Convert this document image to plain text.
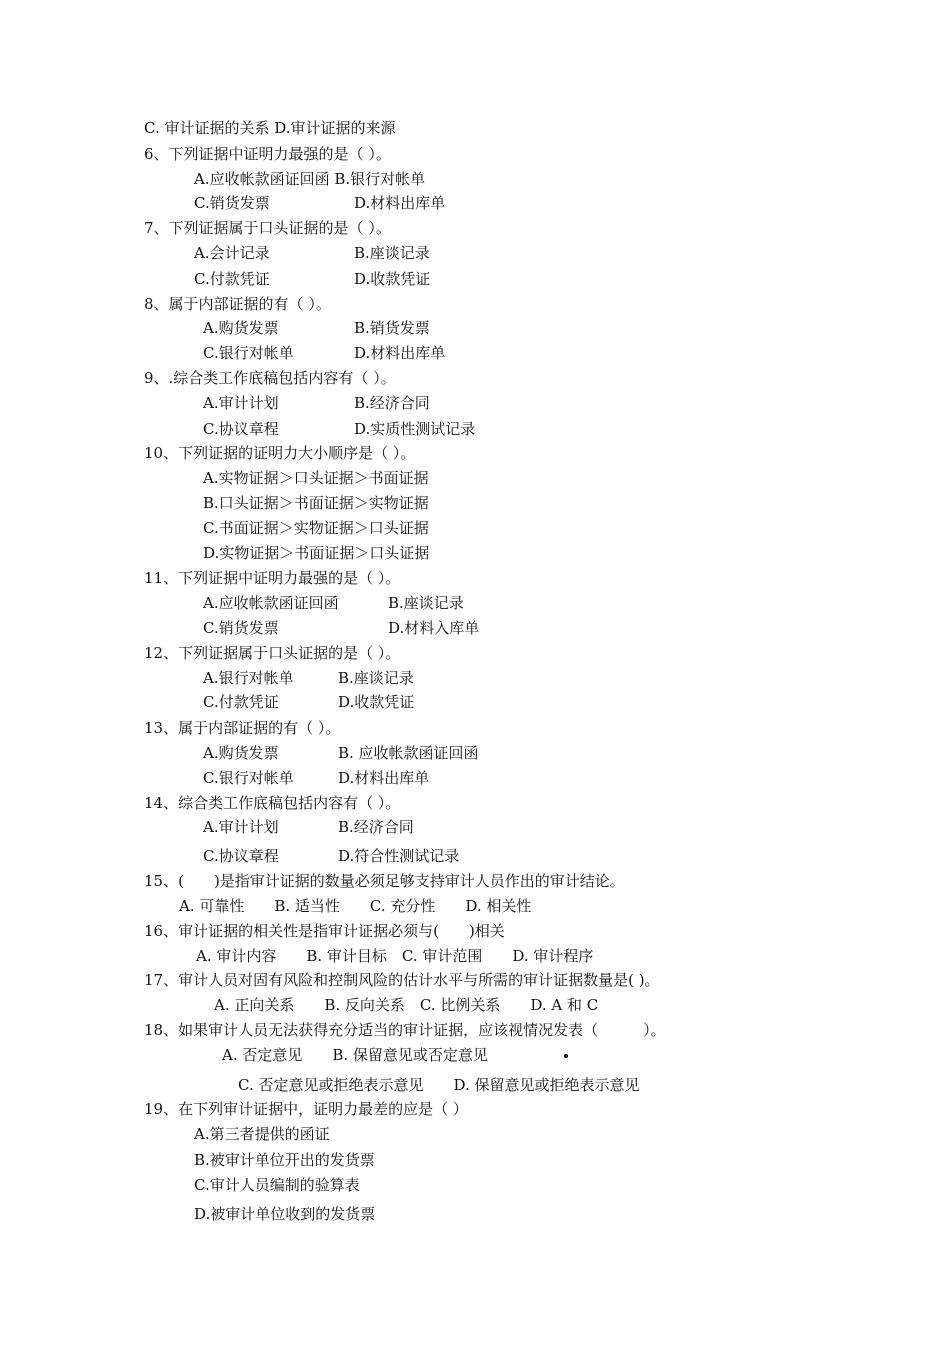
C. 审计证据的关系 D.审计证据的来源
6、下列证据中证明力最强的是（ ）。
A.应收帐款函证回函 B.银行对帐单
C.销货发票	D.材料出库单
7、下列证据属于口头证据的是（ ）。
A.会计记录	B.座谈记录
C.付款凭证	D.收款凭证
8、属于内部证据的有（ ）。
A.购货发票	B.销货发票
C.银行对帐单	D.材料出库单
9、.综合类工作底稿包括内容有（ ）。
A.审计计划	B.经济合同
C.协议章程	D.实质性测试记录
10、下列证据的证明力大小顺序是（ ）。
A.实物证据＞口头证据＞书面证据
B.口头证据＞书面证据＞实物证据
C.书面证据＞实物证据＞口头证据
D.实物证据＞书面证据＞口头证据
11、下列证据中证明力最强的是（ ）。
A.应收帐款函证回函	B.座谈记录
C.销货发票	D.材料入库单
12、下列证据属于口头证据的是（ ）。
A.银行对帐单	B.座谈记录
C.付款凭证	D.收款凭证
13、属于内部证据的有（ ）。
A.购货发票	B. 应收帐款函证回函
C.银行对帐单	D.材料出库单
14、综合类工作底稿包括内容有（ ）。
A.审计计划	B.经济合同
C.协议章程	D.符合性测试记录
15、(　　)是指审计证据的数量必须足够支持审计人员作出的审计结论。
A. 可靠性　　B. 适当性　　C. 充分性　　D. 相关性
16、审计证据的相关性是指审计证据必须与(　　)相关
A. 审计内容　　B. 审计目标　C. 审计范围　　D. 审计程序
17、审计人员对固有风险和控制风险的估计水平与所需的审计证据数量是( )。
A. 正向关系　　B. 反向关系　C. 比例关系　　D. A 和 C
18、如果审计人员无法获得充分适当的审计证据，应该视情况发表（　　　）。
A. 否定意见　　B. 保留意见或否定意见
C. 否定意见或拒绝表示意见　　D. 保留意见或拒绝表示意见
19、在下列审计证据中，证明力最差的应是（ ）
A.第三者提供的函证
B.被审计单位开出的发货票
C.审计人员编制的验算表
D.被审计单位收到的发货票
